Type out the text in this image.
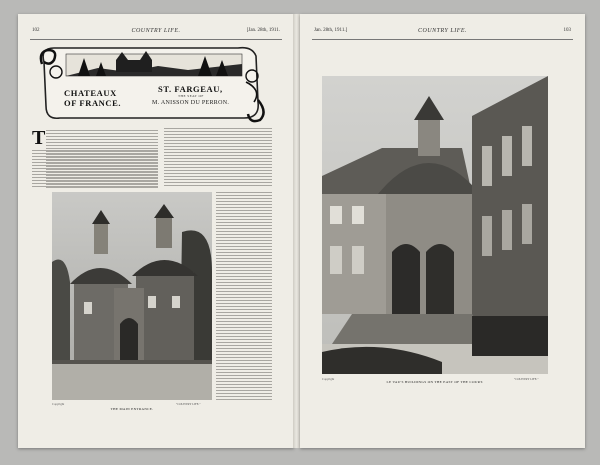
102	COUNTRY LIFE.	[Jan. 28th, 1911.	Jan. 28th, 1911.]	COUNTRY LIFE.	103
CHATEAUX
OF FRANCE.
ST. FARGEAU,
THE SEAT OF
M. ANISSON DU PERRON.
T
Copyright	"COUNTRY LIFE."
THE MAIN ENTRANCE.
Copyright	"COUNTRY LIFE."
LE VAU'S BUILDINGS ON THE EAST OF THE COURT.
